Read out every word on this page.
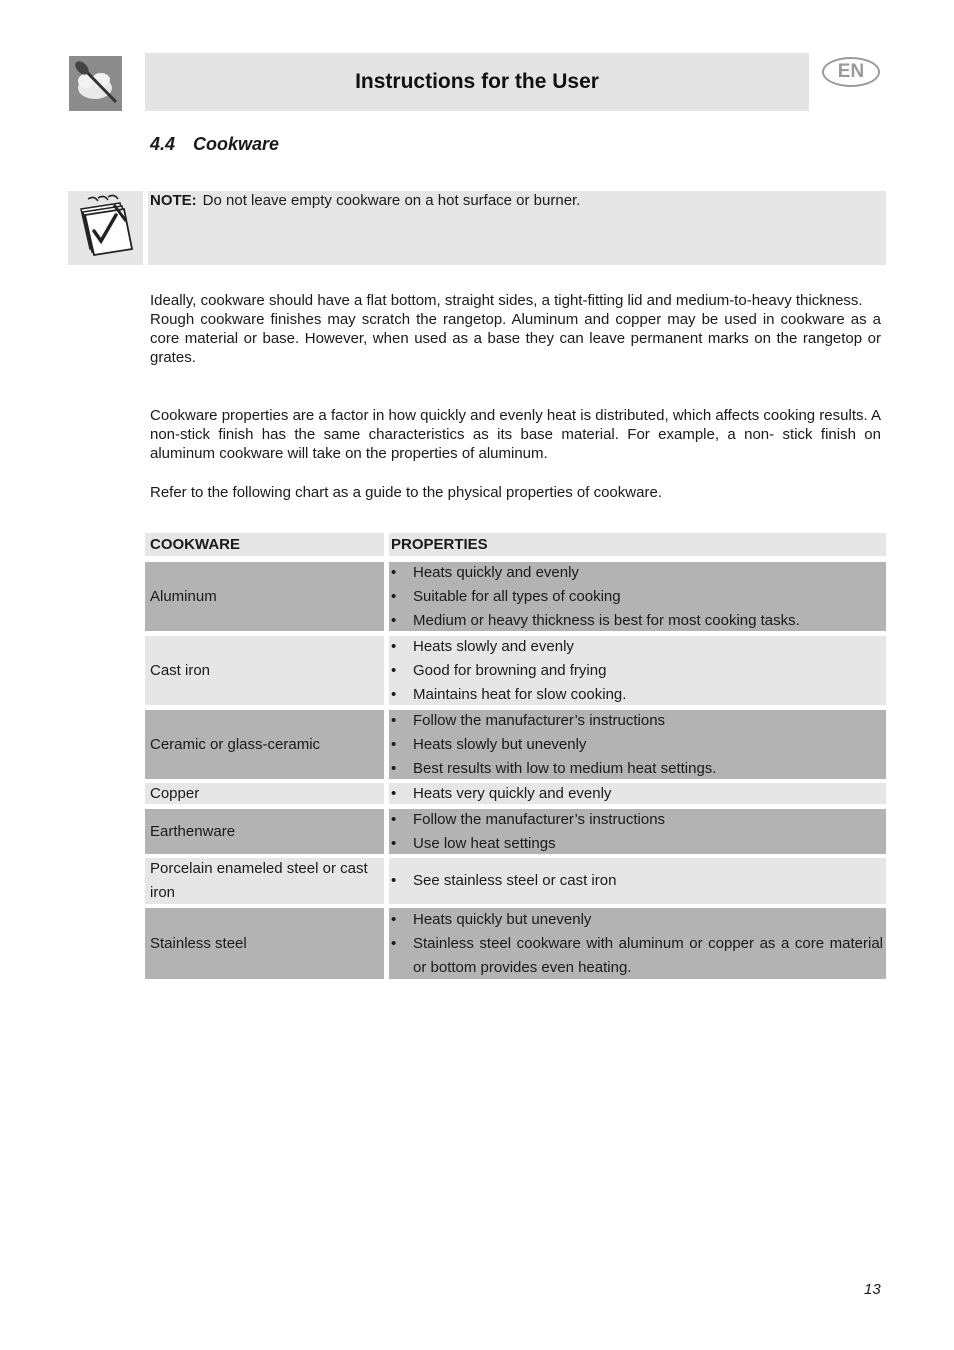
Instructions for the User	EN
4.4 Cookware
NOTE: Do not leave empty cookware on a hot surface or burner.
Ideally, cookware should have a flat bottom, straight sides, a tight-fitting lid and medium-to-heavy thickness.
Rough cookware finishes may scratch the rangetop. Aluminum and copper may be used in cookware as a core material or base. However, when used as a base they can leave permanent marks on the rangetop or grates.
Cookware properties are a factor in how quickly and evenly heat is distributed, which affects cooking results. A non-stick finish has the same characteristics as its base material. For example, a non- stick finish on aluminum cookware will take on the properties of aluminum.
Refer to the following chart as a guide to the physical properties of cookware.
COOKWARE	PROPERTIES
Aluminum
•	Heats quickly and evenly
•	Suitable for all types of cooking
•	Medium or heavy thickness is best for most cooking tasks.
Cast iron
•	Heats slowly and evenly
•	Good for browning and frying
•	Maintains heat for slow cooking.
Ceramic or glass-ceramic
•	Follow the manufacturer’s instructions
•	Heats slowly but unevenly
•	Best results with low to medium heat settings.
Copper	•	Heats very quickly and evenly
Earthenware
•	Follow the manufacturer’s instructions
•	Use low heat settings
Porcelain enameled steel or cast iron
•	See stainless steel or cast iron
Stainless steel
•	Heats quickly but unevenly
•	Stainless steel cookware with aluminum or copper as a core material or bottom provides even heating.
13
